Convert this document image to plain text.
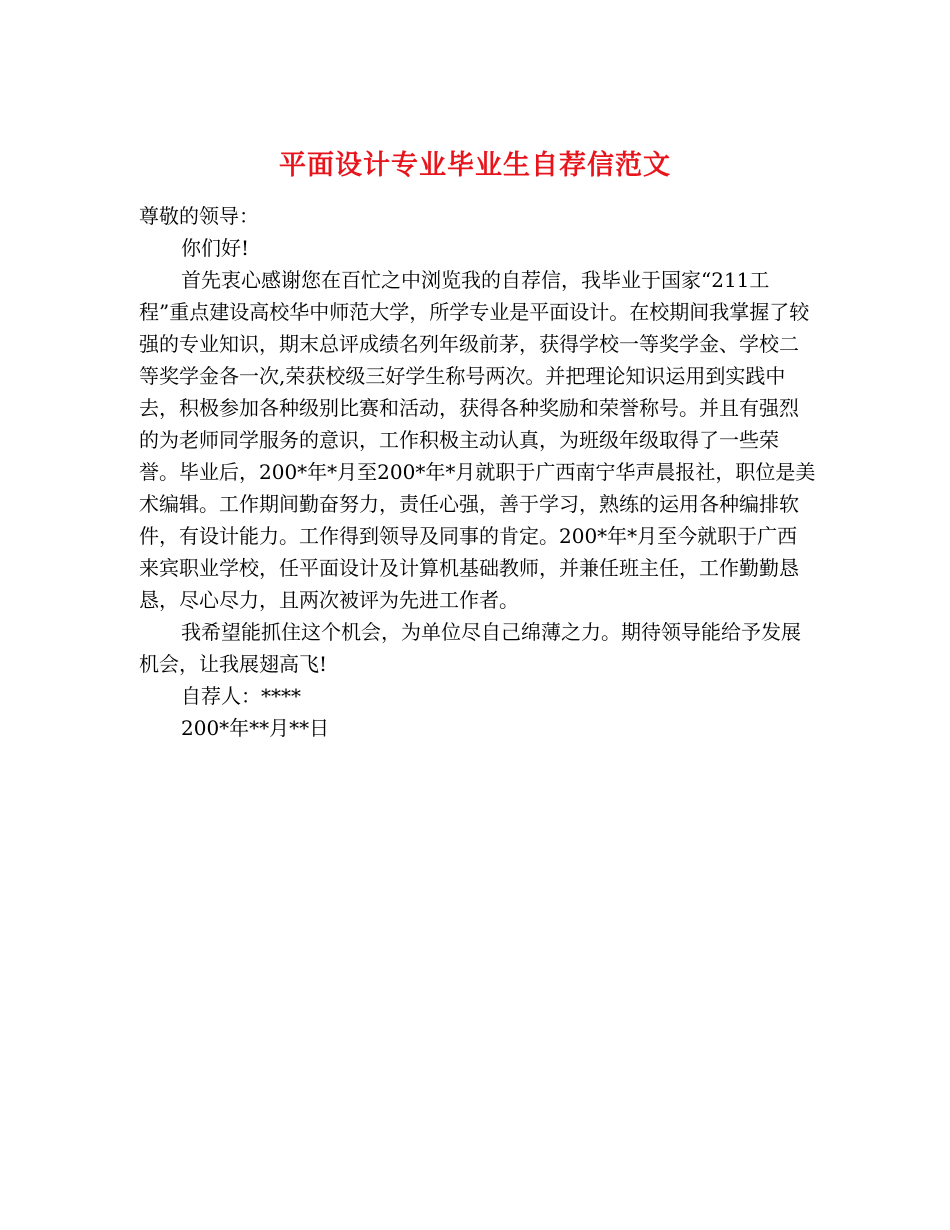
平面设计专业毕业生自荐信范文

尊敬的领导：

你们好!

首先衷心感谢您在百忙之中浏览我的自荐信，我毕业于国家“211工程”重点建设高校华中师范大学，所学专业是平面设计。在校期间我掌握了较强的专业知识，期末总评成绩名列年级前茅，获得学校一等奖学金、学校二等奖学金各一次,荣获校级三好学生称号两次。并把理论知识运用到实践中去，积极参加各种级别比赛和活动，获得各种奖励和荣誉称号。并且有强烈的为老师同学服务的意识，工作积极主动认真，为班级年级取得了一些荣誉。毕业后，200*年*月至200*年*月就职于广西南宁华声晨报社，职位是美术编辑。工作期间勤奋努力，责任心强，善于学习，熟练的运用各种编排软件，有设计能力。工作得到领导及同事的肯定。200*年*月至今就职于广西来宾职业学校，任平面设计及计算机基础教师，并兼任班主任，工作勤勤恳恳，尽心尽力，且两次被评为先进工作者。

我希望能抓住这个机会，为单位尽自己绵薄之力。期待领导能给予发展机会，让我展翅高飞!

自荐人：****

200*年**月**日
